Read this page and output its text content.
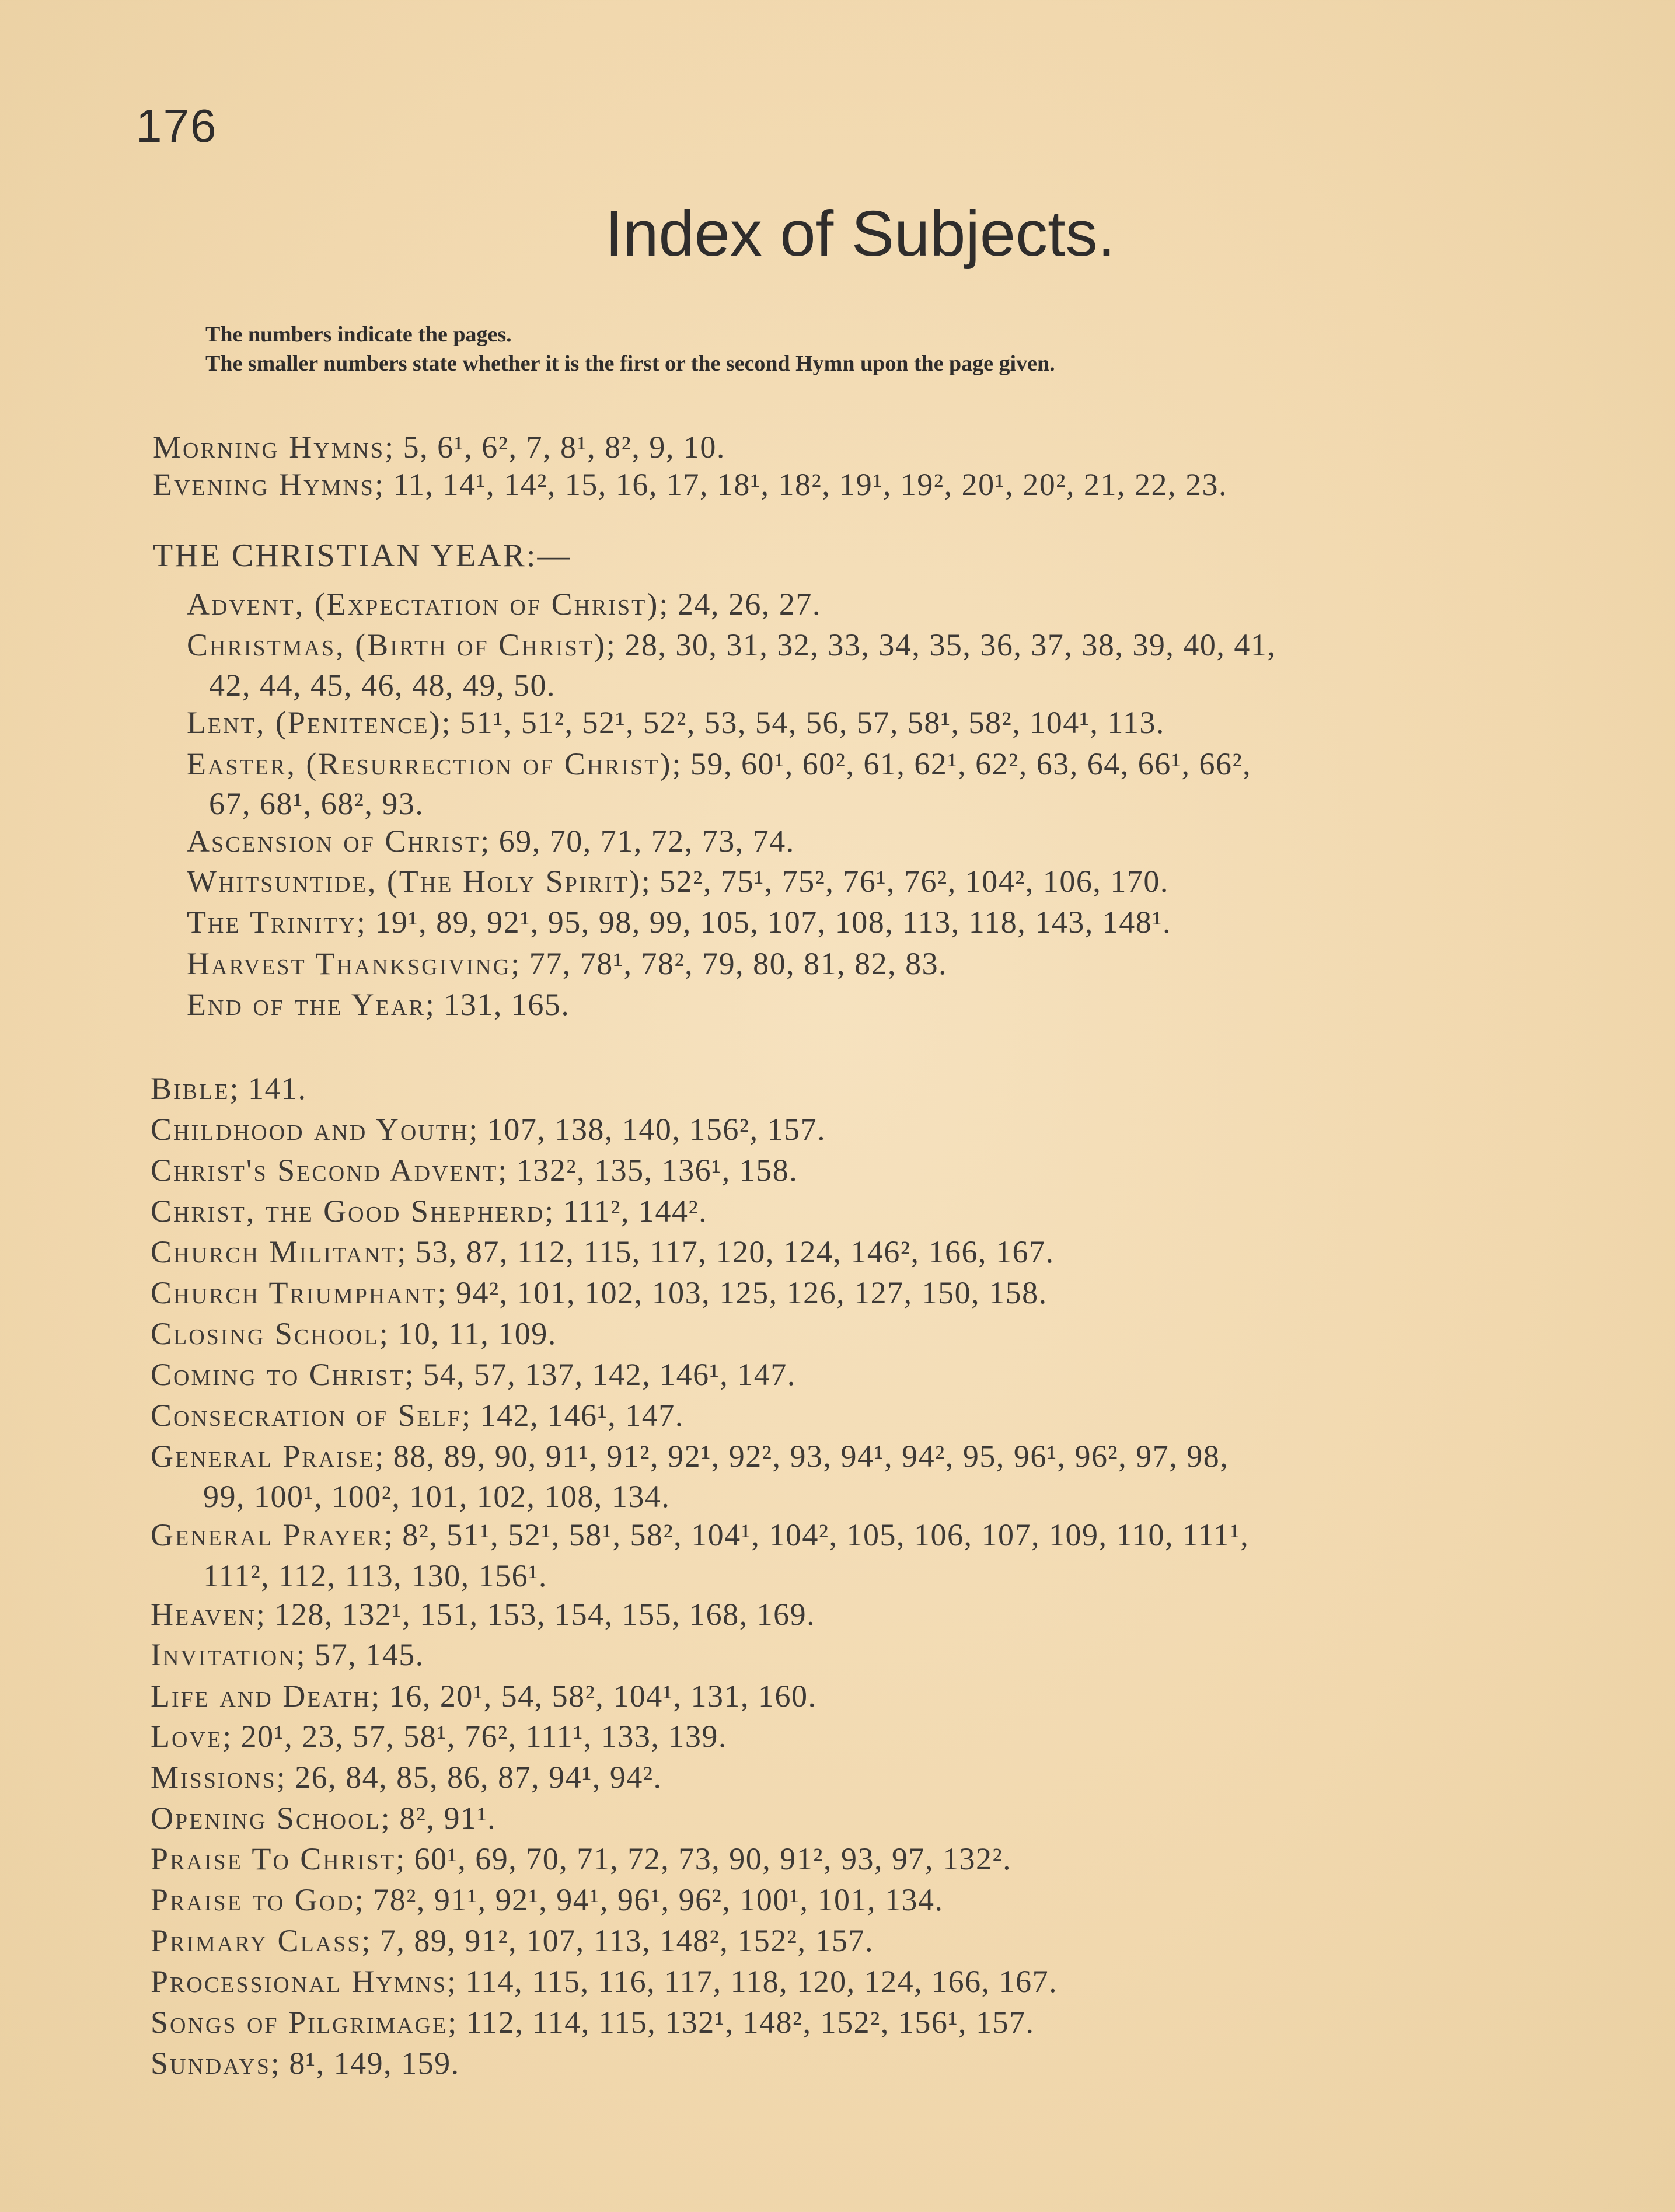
176
Index of Subjects.
The numbers indicate the pages.
The smaller numbers state whether it is the first or the second Hymn upon the page given.
Morning Hymns; 5, 6¹, 6², 7, 8¹, 8², 9, 10.
Evening Hymns; 11, 14¹, 14², 15, 16, 17, 18¹, 18², 19¹, 19², 20¹, 20², 21, 22, 23.
THE CHRISTIAN YEAR:—
Advent, (Expectation of Christ); 24, 26, 27.
Christmas, (Birth of Christ); 28, 30, 31, 32, 33, 34, 35, 36, 37, 38, 39, 40, 41,
42, 44, 45, 46, 48, 49, 50.
Lent, (Penitence); 51¹, 51², 52¹, 52², 53, 54, 56, 57, 58¹, 58², 104¹, 113.
Easter, (Resurrection of Christ); 59, 60¹, 60², 61, 62¹, 62², 63, 64, 66¹, 66²,
67, 68¹, 68², 93.
Ascension of Christ; 69, 70, 71, 72, 73, 74.
Whitsuntide, (The Holy Spirit); 52², 75¹, 75², 76¹, 76², 104², 106, 170.
The Trinity; 19¹, 89, 92¹, 95, 98, 99, 105, 107, 108, 113, 118, 143, 148¹.
Harvest Thanksgiving; 77, 78¹, 78², 79, 80, 81, 82, 83.
End of the Year; 131, 165.
Bible; 141.
Childhood and Youth; 107, 138, 140, 156², 157.
Christ's Second Advent; 132², 135, 136¹, 158.
Christ, the Good Shepherd; 111², 144².
Church Militant; 53, 87, 112, 115, 117, 120, 124, 146², 166, 167.
Church Triumphant; 94², 101, 102, 103, 125, 126, 127, 150, 158.
Closing School; 10, 11, 109.
Coming to Christ; 54, 57, 137, 142, 146¹, 147.
Consecration of Self; 142, 146¹, 147.
General Praise; 88, 89, 90, 91¹, 91², 92¹, 92², 93, 94¹, 94², 95, 96¹, 96², 97, 98,
99, 100¹, 100², 101, 102, 108, 134.
General Prayer; 8², 51¹, 52¹, 58¹, 58², 104¹, 104², 105, 106, 107, 109, 110, 111¹,
111², 112, 113, 130, 156¹.
Heaven; 128, 132¹, 151, 153, 154, 155, 168, 169.
Invitation; 57, 145.
Life and Death; 16, 20¹, 54, 58², 104¹, 131, 160.
Love; 20¹, 23, 57, 58¹, 76², 111¹, 133, 139.
Missions; 26, 84, 85, 86, 87, 94¹, 94².
Opening School; 8², 91¹.
Praise To Christ; 60¹, 69, 70, 71, 72, 73, 90, 91², 93, 97, 132².
Praise to God; 78², 91¹, 92¹, 94¹, 96¹, 96², 100¹, 101, 134.
Primary Class; 7, 89, 91², 107, 113, 148², 152², 157.
Processional Hymns; 114, 115, 116, 117, 118, 120, 124, 166, 167.
Songs of Pilgrimage; 112, 114, 115, 132¹, 148², 152², 156¹, 157.
Sundays; 8¹, 149, 159.
